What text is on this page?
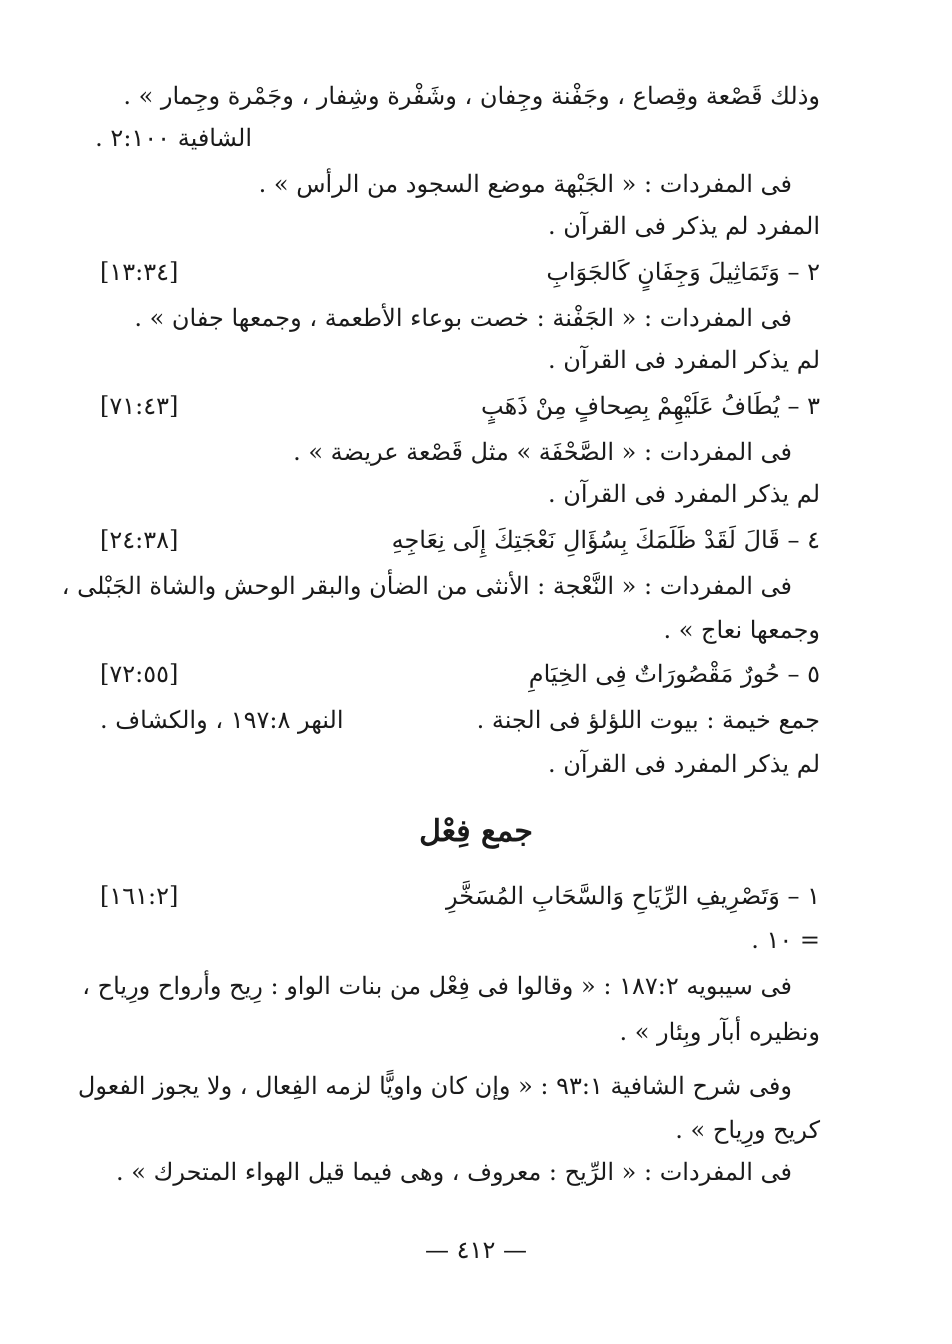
وذلك قَصْعة وقِصاع ، وجَفْنة وجِفان ، وشَفْرة وشِفار ، وجَمْرة وجِمار » .
الشافية ٢:١٠٠ .
فى المفردات : « الجَبْهة موضع السجود من الرأس » .
المفرد لم يذكر فى القرآن .
٢ – وَتَمَاثِيلَ وَجِفَانٍ كَالجَوَابِ
[١٣:٣٤]
فى المفردات : « الجَفْنة : خصت بوعاء الأطعمة ، وجمعها جفان » .
لم يذكر المفرد فى القرآن .
٣ – يُطَافُ عَلَيْهِمْ بِصِحافٍ مِنْ ذَهَبٍ
[٧١:٤٣]
فى المفردات : « الصَّحْفَة » مثل قَصْعة عريضة » .
لم يذكر المفرد فى القرآن .
٤ – قَالَ لَقَدْ ظَلَمَكَ بِسُؤَالِ نَعْجَتِكَ إِلَى نِعَاجِهِ
[٢٤:٣٨]
فى المفردات : « النَّعْجة : الأنثى من الضأن والبقر الوحش والشاة الجَبْلى ،
وجمعها نعاج » .
٥ – حُورٌ مَقْصُورَاتٌ فِى الخِيَامِ
[٧٢:٥٥]
جمع خيمة : بيوت اللؤلؤ فى الجنة .
النهر ١٩٧:٨ ، والكشاف .
لم يذكر المفرد فى القرآن .
جمع فِعْل
١ – وَتَصْرِيفِ الرِّيَاحِ وَالسَّحَابِ المُسَخَّرِ
[١٦١:٢]
= ١٠ .
فى سيبويه ١٨٧:٢ : « وقالوا فى فِعْل من بنات الواو : رِيح وأرواح ورِياح ،
ونظيره أبآر وبِئار » .
وفى شرح الشافية ٩٣:١ : « وإن كان واويًّا لزمه الفِعال ، ولا يجوز الفعول
كريح ورِياح » .
فى المفردات : « الرِّيح : معروف ، وهى فيما قيل الهواء المتحرك » .
— ٤١٢ —
